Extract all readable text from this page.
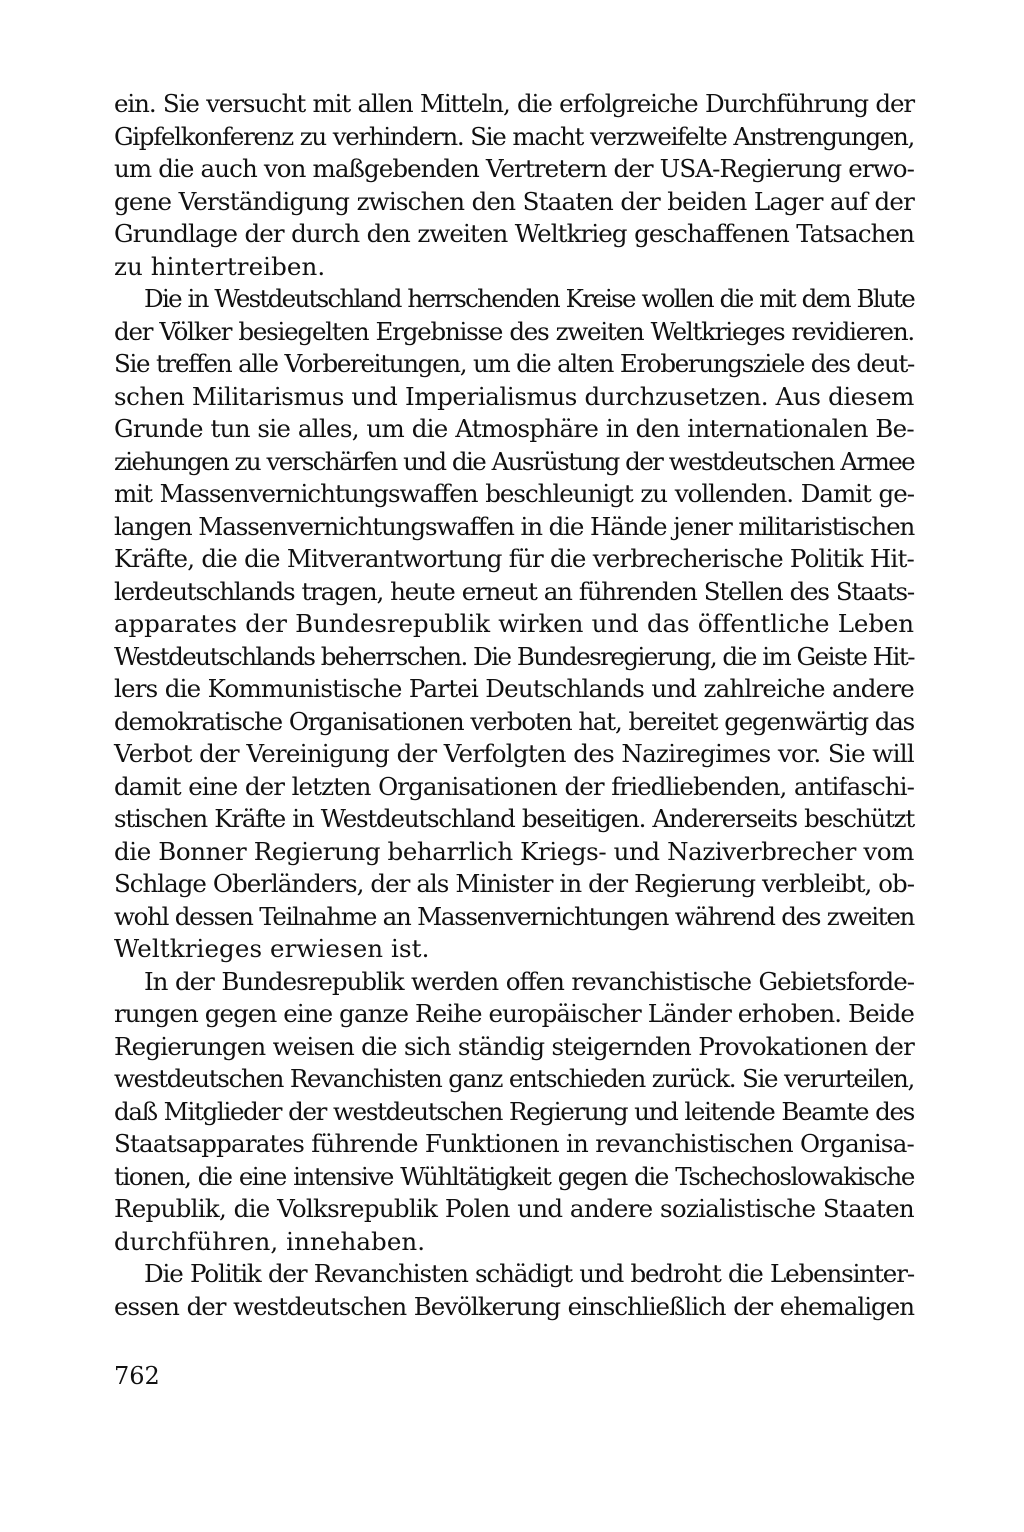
ein. Sie versucht mit allen Mitteln, die erfolgreiche Durchführung der
Gipfelkonferenz zu verhindern. Sie macht verzweifelte Anstrengungen,
um die auch von maßgebenden Vertretern der USA-Regierung erwo-
gene Verständigung zwischen den Staaten der beiden Lager auf der
Grundlage der durch den zweiten Weltkrieg geschaffenen Tatsachen
zu hintertreiben.
Die in Westdeutschland herrschenden Kreise wollen die mit dem Blute
der Völker besiegelten Ergebnisse des zweiten Weltkrieges revidieren.
Sie treffen alle Vorbereitungen, um die alten Eroberungsziele des deut-
schen Militarismus und Imperialismus durchzusetzen. Aus diesem
Grunde tun sie alles, um die Atmosphäre in den internationalen Be-
ziehungen zu verschärfen und die Ausrüstung der westdeutschen Armee
mit Massenvernichtungswaffen beschleunigt zu vollenden. Damit ge-
langen Massenvernichtungswaffen in die Hände jener militaristischen
Kräfte, die die Mitverantwortung für die verbrecherische Politik Hit-
lerdeutschlands tragen, heute erneut an führenden Stellen des Staats-
apparates der Bundesrepublik wirken und das öffentliche Leben
Westdeutschlands beherrschen. Die Bundesregierung, die im Geiste Hit-
lers die Kommunistische Partei Deutschlands und zahlreiche andere
demokratische Organisationen verboten hat, bereitet gegenwärtig das
Verbot der Vereinigung der Verfolgten des Naziregimes vor. Sie will
damit eine der letzten Organisationen der friedliebenden, antifaschi-
stischen Kräfte in Westdeutschland beseitigen. Andererseits beschützt
die Bonner Regierung beharrlich Kriegs- und Naziverbrecher vom
Schlage Oberländers, der als Minister in der Regierung verbleibt, ob-
wohl dessen Teilnahme an Massenvernichtungen während des zweiten
Weltkrieges erwiesen ist.
In der Bundesrepublik werden offen revanchistische Gebietsforde-
rungen gegen eine ganze Reihe europäischer Länder erhoben. Beide
Regierungen weisen die sich ständig steigernden Provokationen der
westdeutschen Revanchisten ganz entschieden zurück. Sie verurteilen,
daß Mitglieder der westdeutschen Regierung und leitende Beamte des
Staatsapparates führende Funktionen in revanchistischen Organisa-
tionen, die eine intensive Wühltätigkeit gegen die Tschechoslowakische
Republik, die Volksrepublik Polen und andere sozialistische Staaten
durchführen, innehaben.
Die Politik der Revanchisten schädigt und bedroht die Lebensinter-
essen der westdeutschen Bevölkerung einschließlich der ehemaligen
762
